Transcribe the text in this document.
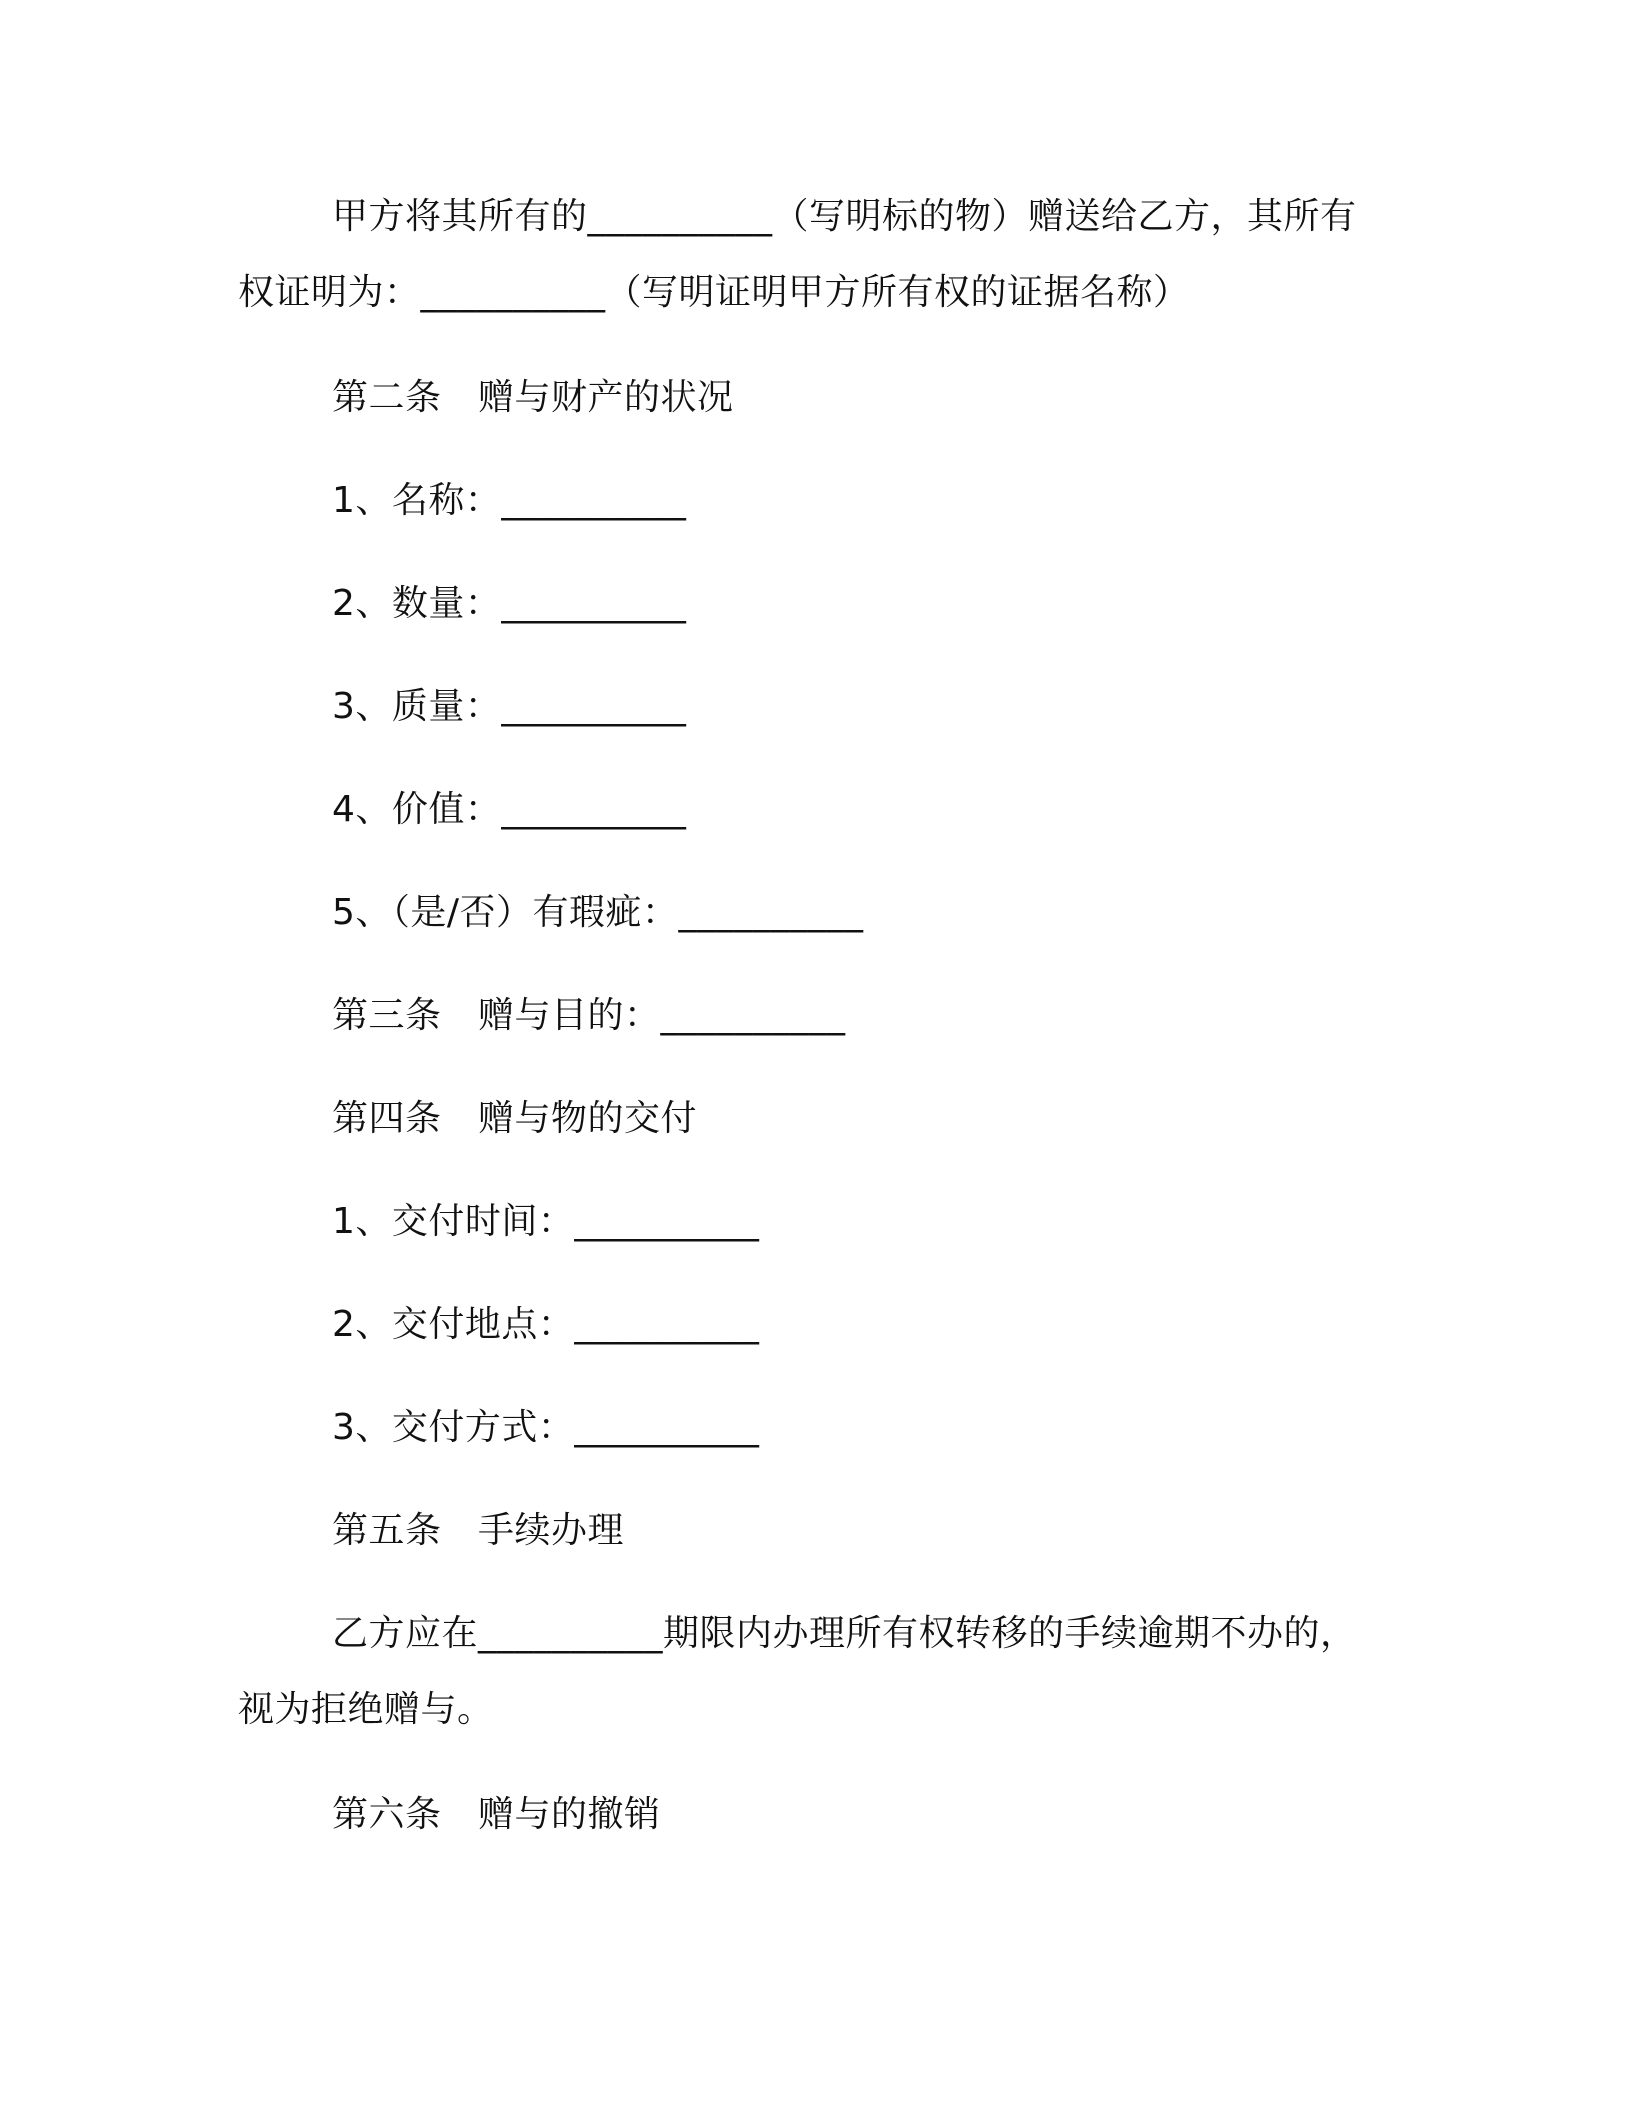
甲方将其所有的__________（写明标的物）赠送给乙方，其所有
权证明为：__________（写明证明甲方所有权的证据名称）
第二条　赠与财产的状况
1、名称：__________
2、数量：__________
3、质量：__________
4、价值：__________
5、（是/否）有瑕疵：__________
第三条　赠与目的：__________
第四条　赠与物的交付
1、交付时间：__________
2、交付地点：__________
3、交付方式：__________
第五条　手续办理
乙方应在__________期限内办理所有权转移的手续逾期不办的，
视为拒绝赠与。
第六条　赠与的撤销
